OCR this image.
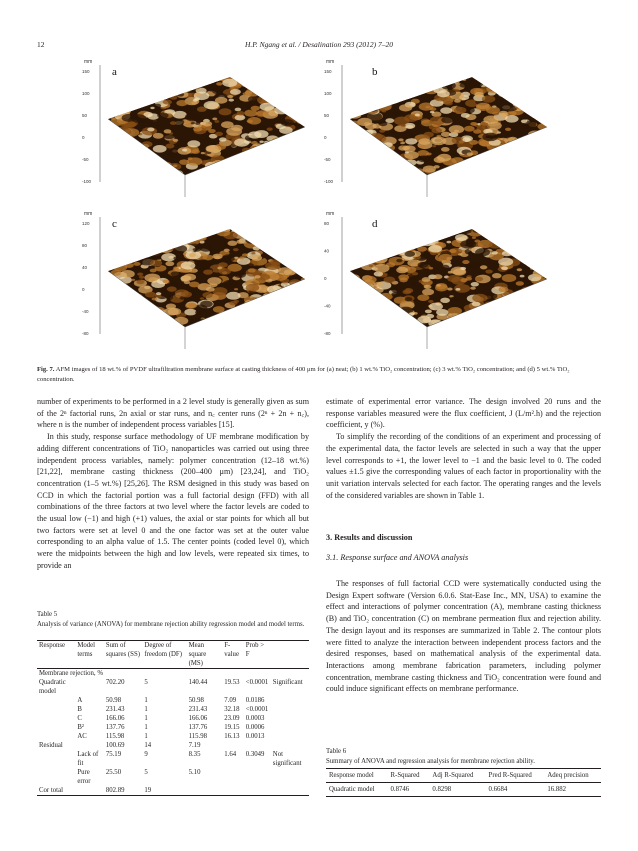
12	H.P. Ngang et al. / Desalination 293 (2012) 7–20
mm
150
100
50
0
-50
-100
a
mm
150
100
50
0
-50
-100
b
mm
120
80
40
0
-40
-80
c
mm
80
40
0
-40
-80
d
Fig. 7. AFM images of 18 wt.% of PVDF ultrafiltration membrane surface at casting thickness of 400 μm for (a) neat; (b) 1 wt.% TiO₂ concentration; (c) 3 wt.% TiO₂ concentration; and (d) 5 wt.% TiO₂ concentration.

number of experiments to be performed in a 2 level study is generally given as sum of the 2ⁿ factorial runs, 2n axial or star runs, and n꜀ center runs (2ⁿ + 2n + n꜀), where n is the number of independent process variables [15].

In this study, response surface methodology of UF membrane modification by adding different concentrations of TiO₂ nanoparticles was carried out using three independent process variables, namely: polymer concentration (12–18 wt.%) [21,22], membrane casting thickness (200–400 μm) [23,24], and TiO₂ concentration (1–5 wt.%) [25,26]. The RSM designed in this study was based on CCD in which the factorial portion was a full factorial design (FFD) with all combinations of the three factors at two level where the factor levels are coded to the usual low (−1) and high (+1) values, the axial or star points for which all but two factors were set at level 0 and the one factor was set at the outer value corresponding to an alpha value of 1.5. The center points (coded level 0), which were the midpoints between the high and low levels, were repeated six times, to provide an

estimate of experimental error variance. The design involved 20 runs and the response variables measured were the flux coefficient, J (L/m².h) and the rejection coefficient, y (%).

To simplify the recording of the conditions of an experiment and processing of the experimental data, the factor levels are selected in such a way that the upper level corresponds to +1, the lower level to −1 and the basic level to 0. The coded values ±1.5 give the corresponding values of each factor in proportionality with the unit variation intervals selected for each factor. The operating ranges and the levels of the considered variables are shown in Table 1.

3. Results and discussion
3.1. Response surface and ANOVA analysis

The responses of full factorial CCD were systematically conducted using the Design Expert software (Version 6.0.6. Stat-Ease Inc., MN, USA) to examine the effect and interactions of polymer concentration (A), membrane casting thickness (B) and TiO₂ concentration (C) on membrane permeation flux and rejection ability. The design layout and its responses are summarized in Table 2. The contour plots were fitted to analyze the interaction between independent process factors and the desired responses, based on mathematical analysis of the experimental data. Interactions among membrane fabrication parameters, including polymer concentration, membrane casting thickness and TiO₂ concentration were found and could induce significant effects on membrane performance.

Table 5
Analysis of variance (ANOVA) for membrane rejection ability regression model and model terms.
Response	Model terms	Sum of squares (SS)	Degree of freedom (DF)	Mean square (MS)	F-value	Prob > F	
Membrane rejection, %							
Quadratic model		702.20	5	140.44	19.53	<0.0001	Significant
	A	50.98	1	50.98	7.09	0.0186	
	B	231.43	1	231.43	32.18	<0.0001	
	C	166.06	1	166.06	23.09	0.0003	
	B²	137.76	1	137.76	19.15	0.0006	
	AC	115.98	1	115.98	16.13	0.0013	
Residual		100.69	14	7.19			
	Lack of fit	75.19	9	8.35	1.64	0.3049	Not significant
	Pure error	25.50	5	5.10			
Cor total		802.89	19				
Table 6
Summary of ANOVA and regression analysis for membrane rejection ability.
Response model	R-Squared	Adj R-Squared	Pred R-Squared	Adeq precision
Quadratic model	0.8746	0.8298	0.6684	16.882
